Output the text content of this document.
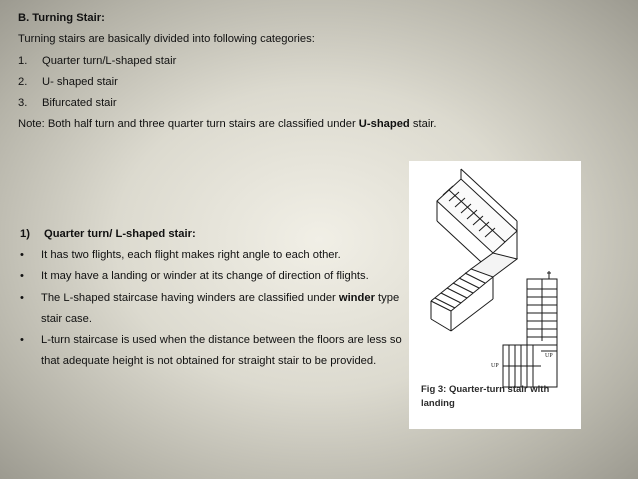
B. Turning Stair:
Turning stairs are basically divided into following categories:
1. Quarter turn/L-shaped stair
2. U- shaped stair
3. Bifurcated stair
Note: Both half turn and three quarter turn stairs are classified under U-shaped stair.
UP
UP
Fig 3: Quarter-turn stair with landing
1) Quarter turn/ L-shaped stair:
• It has two flights, each flight makes right angle to each other.
• It may have a landing or winder at its change of direction of flights.
• The L-shaped staircase having winders are classified under winder type stair case.
• L-turn staircase is used when the distance between the floors are less so that adequate height is not obtained for straight stair to be provided.
